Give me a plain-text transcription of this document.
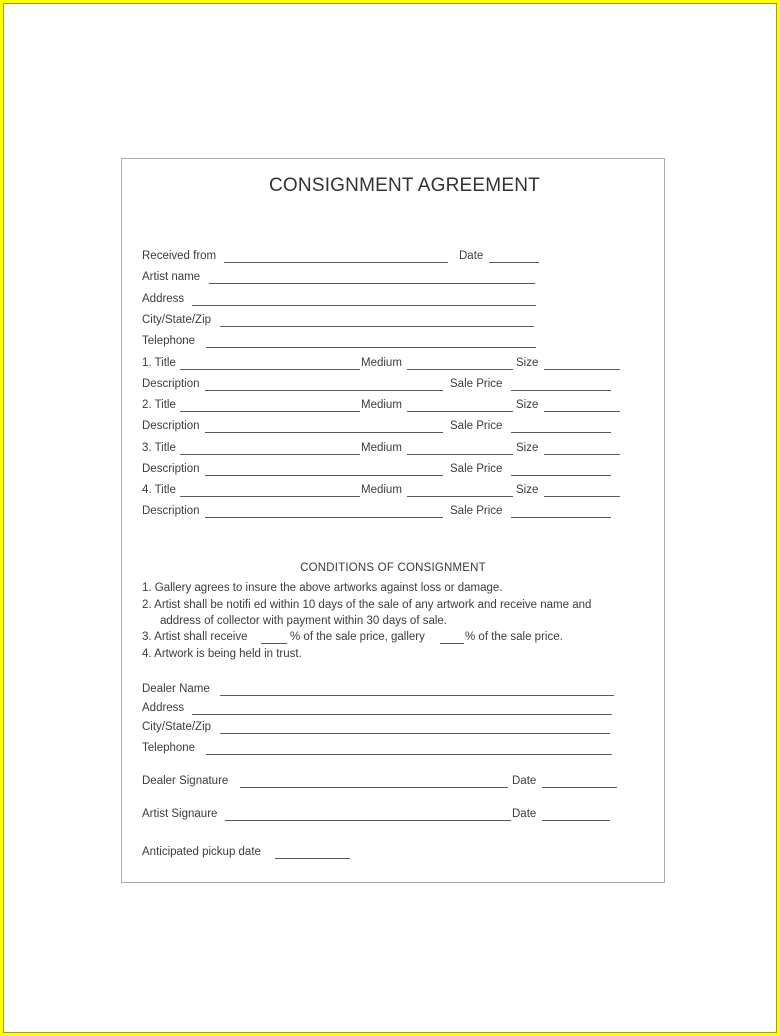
CONSIGNMENT AGREEMENT
Received from	Date
Artist name
Address
City/State/Zip
Telephone
1. Title	Medium	Size
Description	Sale Price
2. Title	Medium	Size
Description	Sale Price
3. Title	Medium	Size
Description	Sale Price
4. Title	Medium	Size
Description	Sale Price
CONDITIONS OF CONSIGNMENT
1. Gallery agrees to insure the above artworks against loss or damage.
2. Artist shall be notifi ed within 10 days of the sale of any artwork and receive name and
address of collector with payment within 30 days of sale.
3. Artist shall receive	% of the sale price, gallery	% of the sale price.
4. Artwork is being held in trust.
Dealer Name
Address
City/State/Zip
Telephone
Dealer Signature	Date
Artist Signaure	Date
Anticipated pickup date
